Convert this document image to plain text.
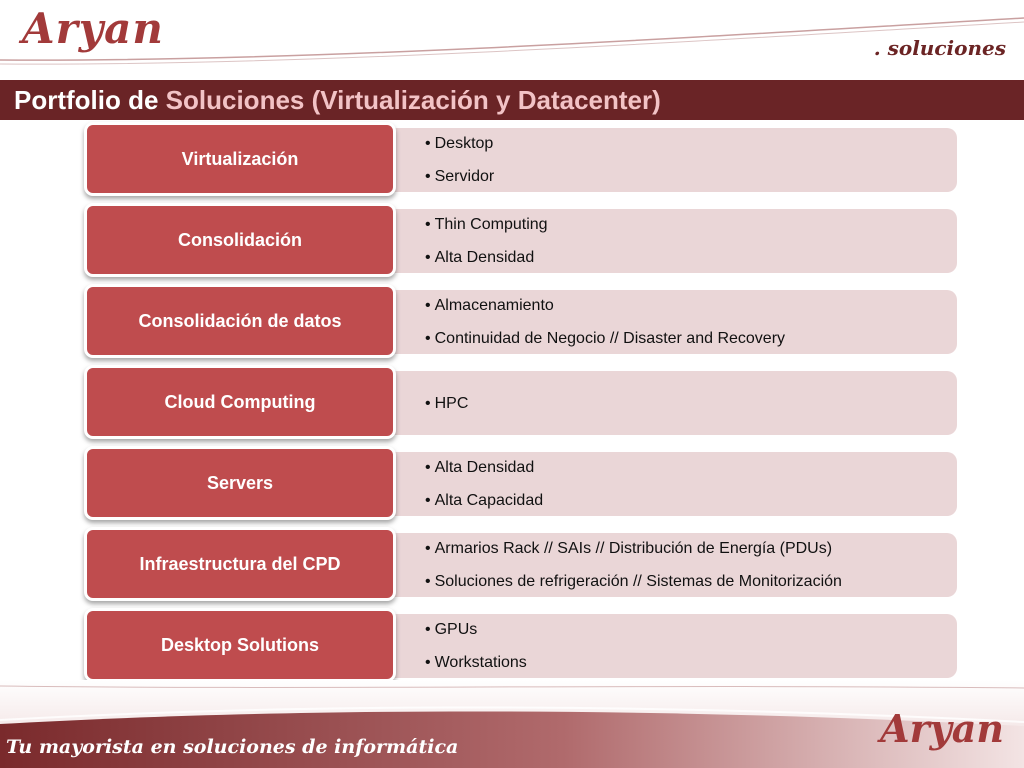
Aryan	. soluciones
Portfolio de Soluciones (Virtualización y Datacenter)
Virtualización
• Desktop
• Servidor
Consolidación
• Thin Computing
• Alta Densidad
Consolidación de datos
• Almacenamiento
• Continuidad de Negocio // Disaster and Recovery
Cloud Computing	• HPC
Servers
• Alta Densidad
• Alta Capacidad
Infraestructura del CPD
• Armarios Rack // SAIs // Distribución de Energía (PDUs)
• Soluciones de refrigeración // Sistemas de Monitorización
Desktop Solutions
• GPUs
• Workstations
Tu mayorista en soluciones de informática	Aryan
